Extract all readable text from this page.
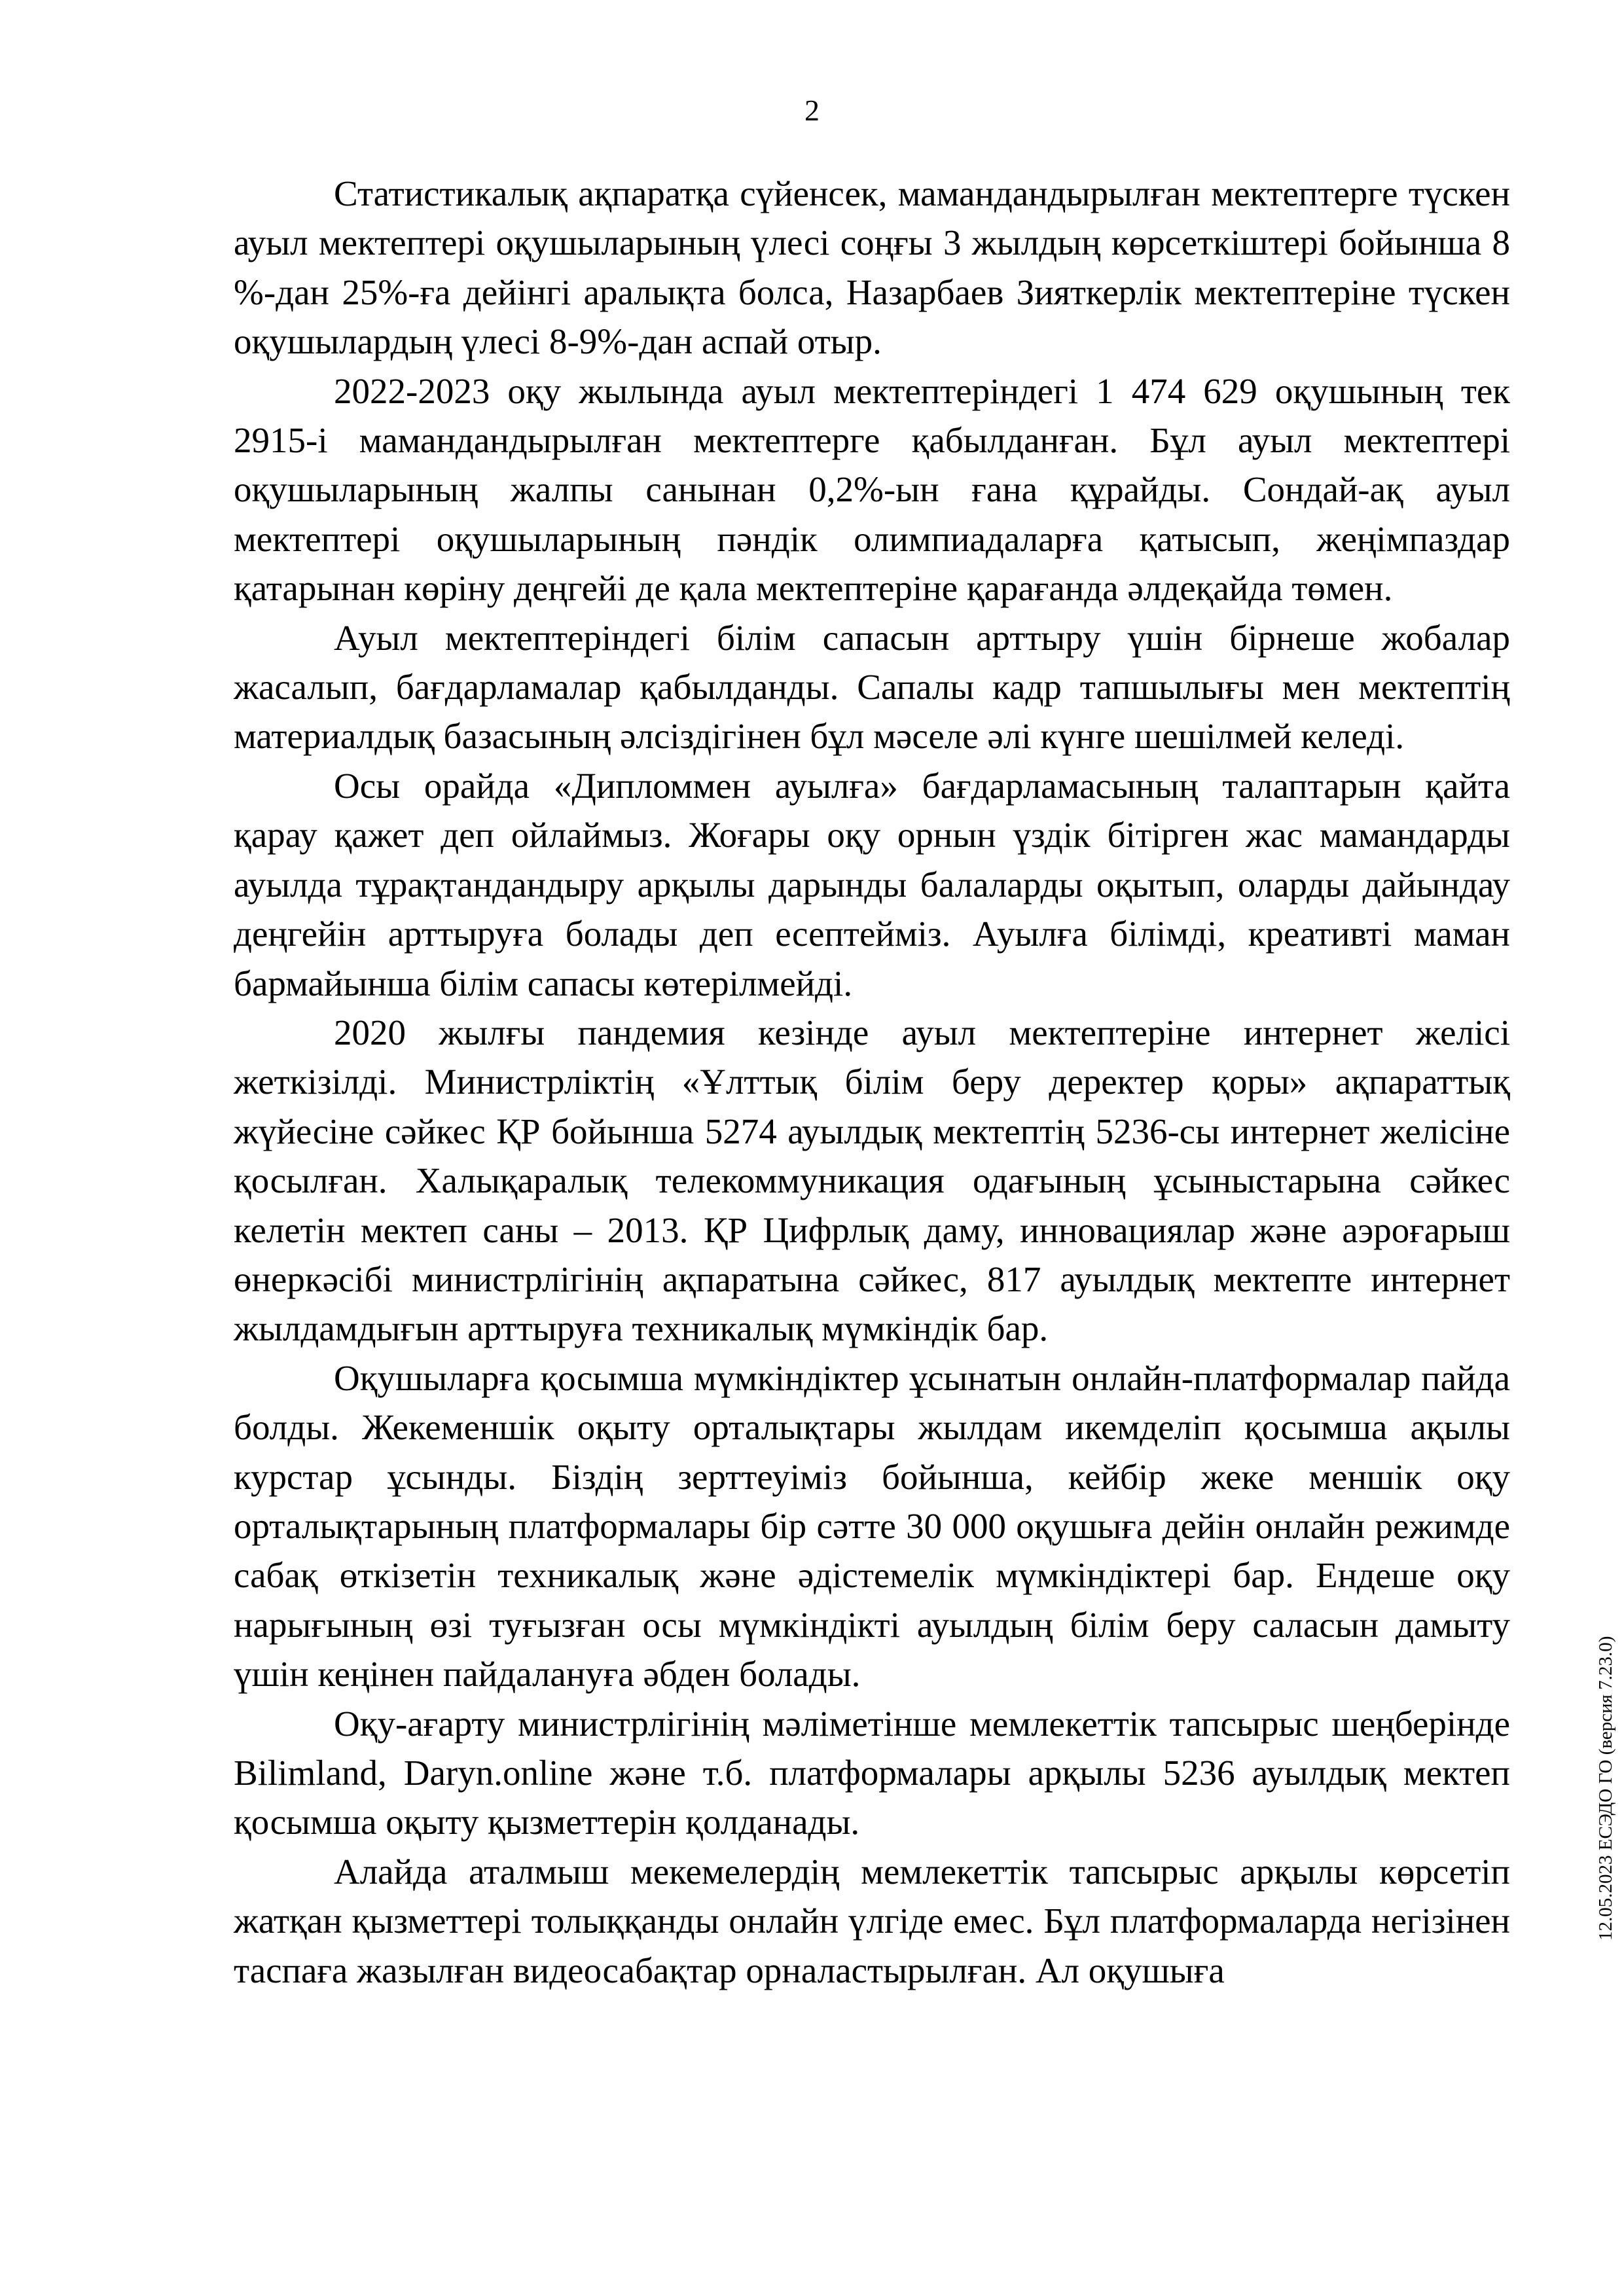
2

Статистикалық ақпаратқа сүйенсек, мамандандырылған мектептерге түскен ауыл мектептері оқушыларының үлесі соңғы 3 жылдың көрсеткіштері бойынша 8 %-дан 25%-ға дейінгі аралықта болса, Назарбаев Зияткерлік мектептеріне түскен оқушылардың үлесі 8-9%-дан аспай отыр.

2022-2023 оқу жылында ауыл мектептеріндегі 1 474 629 оқушының тек 2915-і мамандандырылған мектептерге қабылданған. Бұл ауыл мектептері оқушыларының жалпы санынан 0,2%-ын ғана құрайды. Сондай-ақ ауыл мектептері оқушыларының пәндік олимпиадаларға қатысып, жеңімпаздар қатарынан көріну деңгейі де қала мектептеріне қарағанда әлдеқайда төмен.

Ауыл мектептеріндегі білім сапасын арттыру үшін бірнеше жобалар жасалып, бағдарламалар қабылданды. Сапалы кадр тапшылығы мен мектептің материалдық базасының әлсіздігінен бұл мәселе әлі күнге шешілмей келеді.

Осы орайда «Дипломмен ауылға» бағдарламасының талаптарын қайта қарау қажет деп ойлаймыз. Жоғары оқу орнын үздік бітірген жас мамандарды ауылда тұрақтандандыру арқылы дарынды балаларды оқытып, оларды дайындау деңгейін арттыруға болады деп есептейміз. Ауылға білімді, креативті маман бармайынша білім сапасы көтерілмейді.

2020 жылғы пандемия кезінде ауыл мектептеріне интернет желісі жеткізілді. Министрліктің «Ұлттық білім беру деректер қоры» ақпараттық жүйесіне сәйкес ҚР бойынша 5274 ауылдық мектептің 5236-сы интернет желісіне қосылған. Халықаралық телекоммуникация одағының ұсыныстарына сәйкес келетін мектеп саны – 2013. ҚР Цифрлық даму, инновациялар және аэроғарыш өнеркәсібі министрлігінің ақпаратына сәйкес, 817 ауылдық мектепте интернет жылдамдығын арттыруға техникалық мүмкіндік бар.

Оқушыларға қосымша мүмкіндіктер ұсынатын онлайн-платформалар пайда болды. Жекеменшік оқыту орталықтары жылдам икемделіп қосымша ақылы курстар ұсынды. Біздің зерттеуіміз бойынша, кейбір жеке меншік оқу орталықтарының платформалары бір сәтте 30 000 оқушыға дейін онлайн режимде сабақ өткізетін техникалық және әдістемелік мүмкіндіктері бар. Ендеше оқу нарығының өзі туғызған осы мүмкіндікті ауылдың білім беру саласын дамыту үшін кеңінен пайдалануға әбден болады.

Оқу-ағарту министрлігінің мәліметінше мемлекеттік тапсырыс шеңберінде Bilimland, Daryn.online және т.б. платформалары арқылы 5236 ауылдық мектеп қосымша оқыту қызметтерін қолданады.

Алайда аталмыш мекемелердің мемлекеттік тапсырыс арқылы көрсетіп жатқан қызметтері толыққанды онлайн үлгіде емес. Бұл платформаларда негізінен таспаға жазылған видеосабақтар орналастырылған. Ал оқушыға

12.05.2023 ЕСЭДО ГО (версия 7.23.0)
